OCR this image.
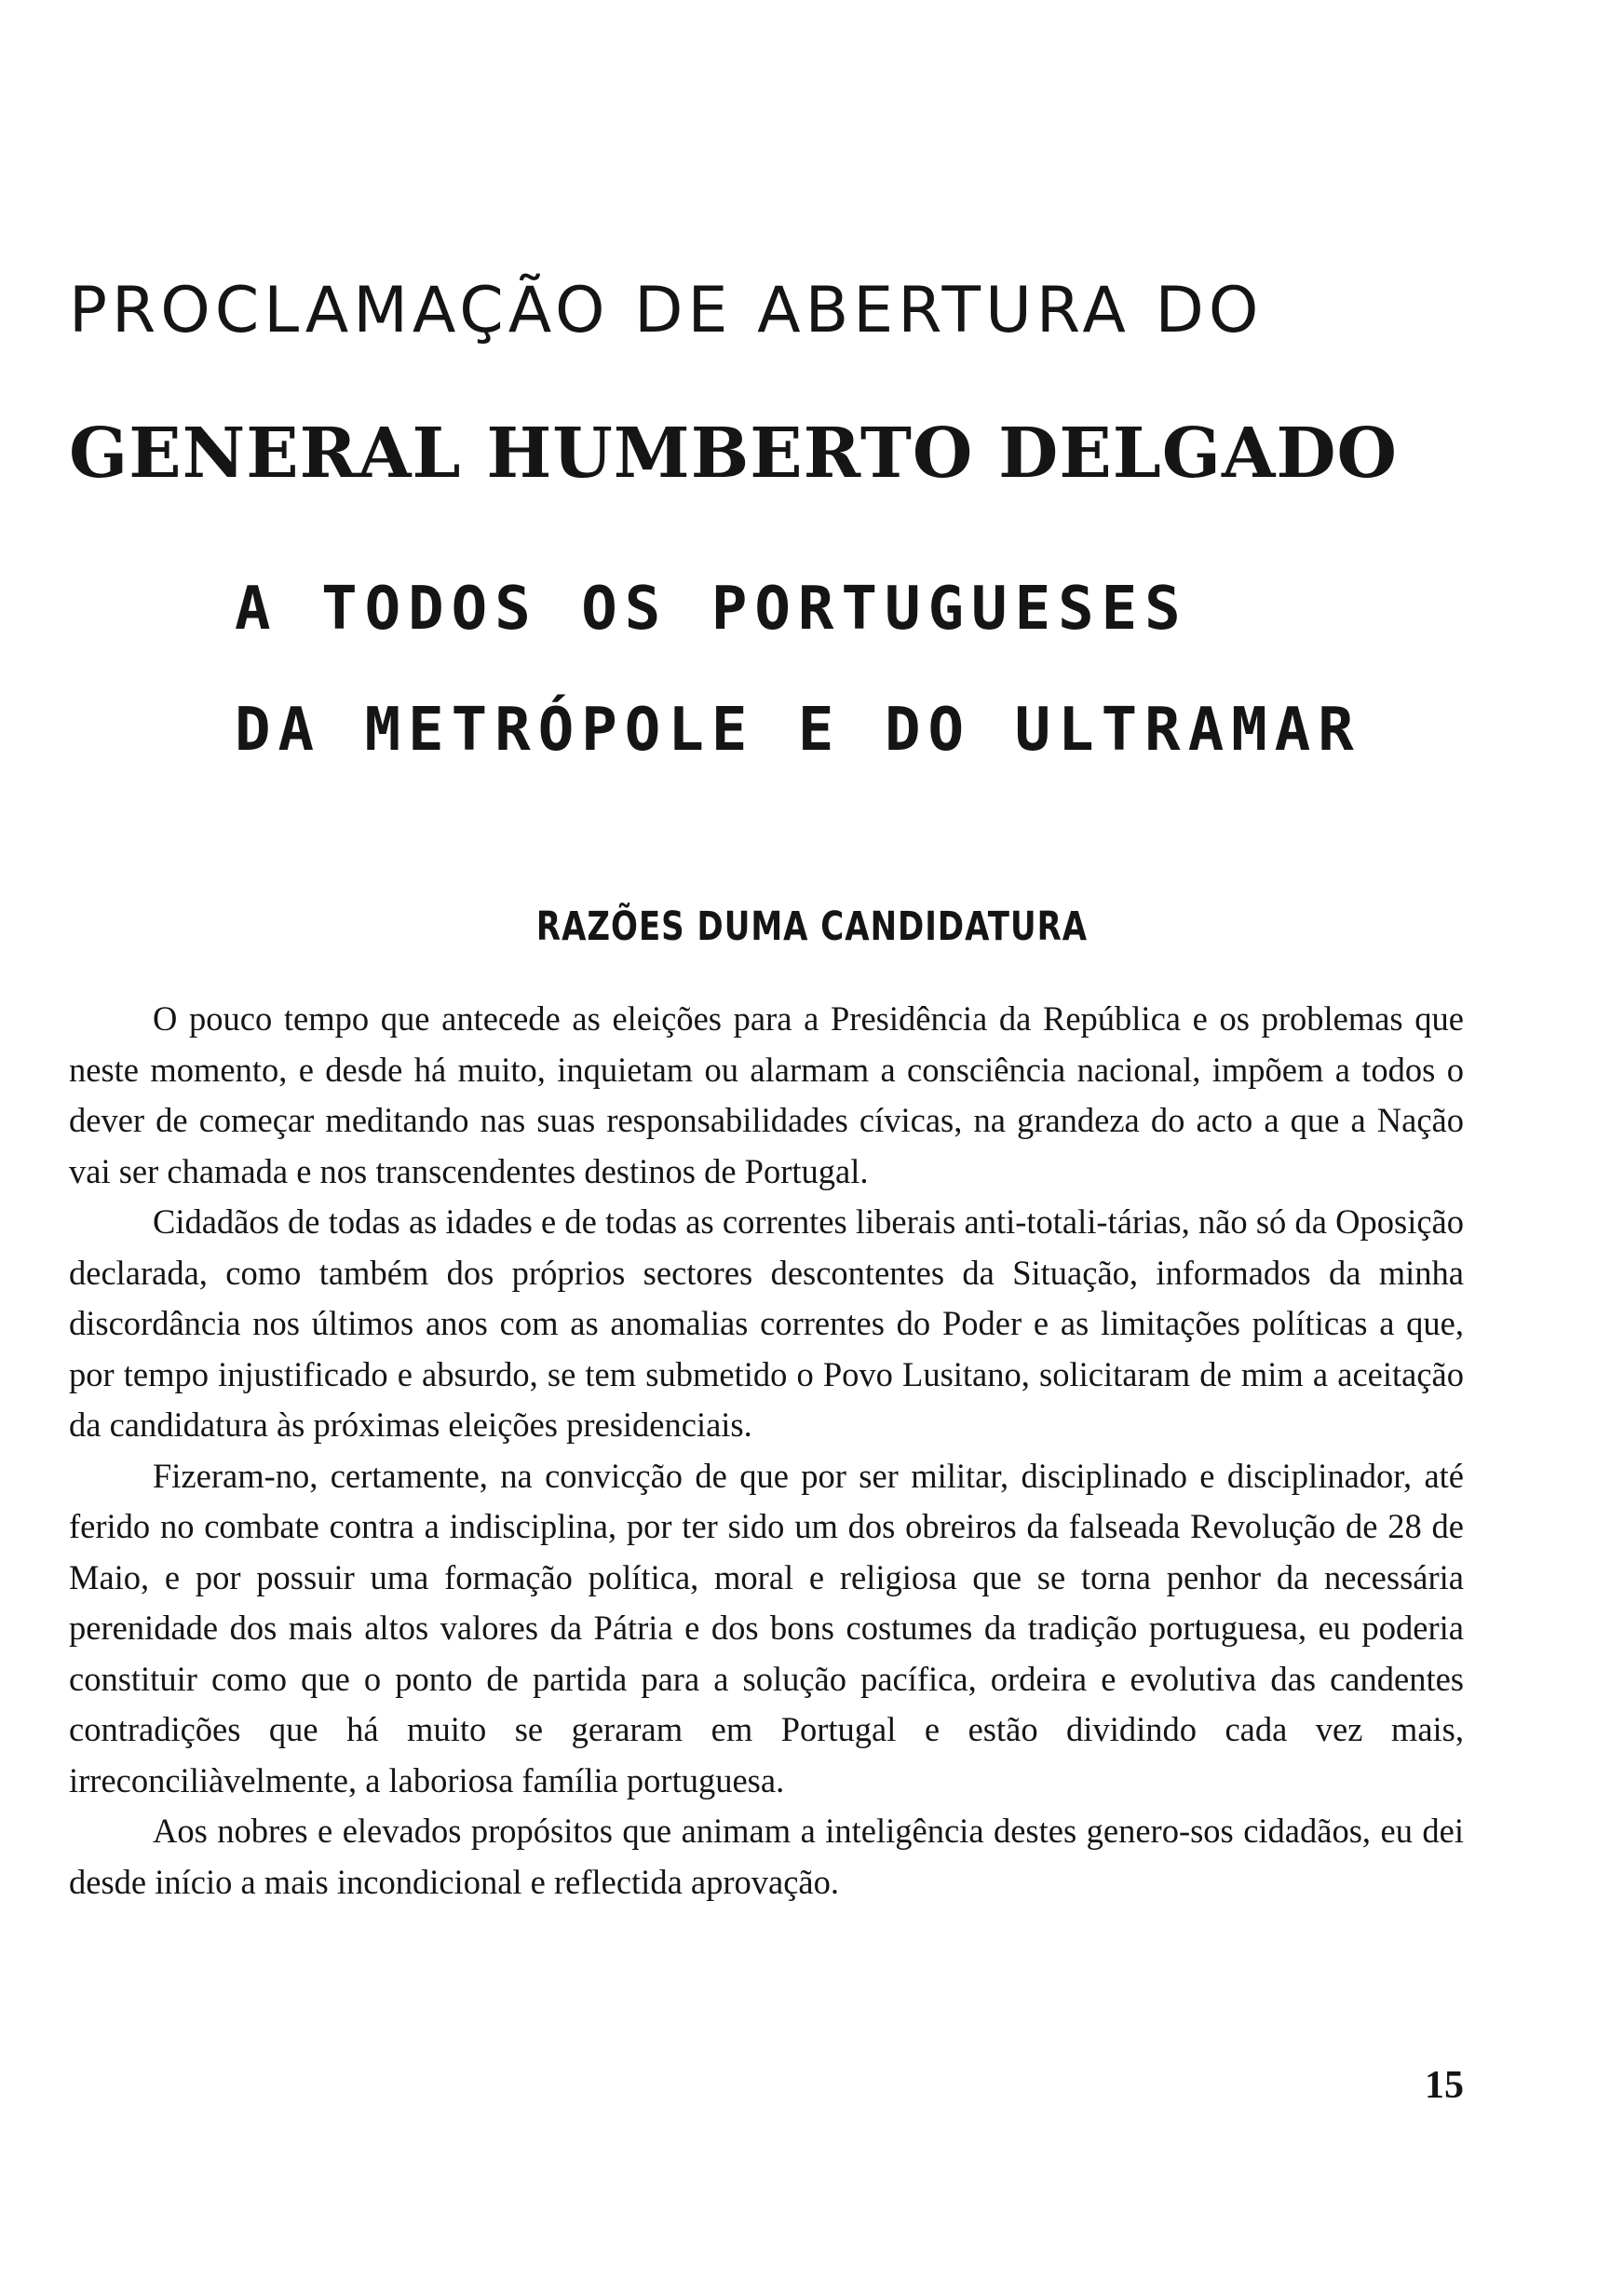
PROCLAMAÇÃO DE ABERTURA DO
GENERAL HUMBERTO DELGADO
A TODOS OS PORTUGUESES
DA METRÓPOLE E DO ULTRAMAR
RAZÕES DUMA CANDIDATURA

O pouco tempo que antecede as eleições para a Presidência da República e os problemas que neste momento, e desde há muito, inquietam ou alarmam a consciência nacional, impõem a todos o dever de começar meditando nas suas responsabilidades cívicas, na grandeza do acto a que a Nação vai ser chamada e nos transcendentes destinos de Portugal.

Cidadãos de todas as idades e de todas as correntes liberais anti-totali-tárias, não só da Oposição declarada, como também dos próprios sectores descontentes da Situação, informados da minha discordância nos últimos anos com as anomalias correntes do Poder e as limitações políticas a que, por tempo injustificado e absurdo, se tem submetido o Povo Lusitano, solicitaram de mim a aceitação da candidatura às próximas eleições presidenciais.

Fizeram-no, certamente, na convicção de que por ser militar, disciplinado e disciplinador, até ferido no combate contra a indisciplina, por ter sido um dos obreiros da falseada Revolução de 28 de Maio, e por possuir uma formação política, moral e religiosa que se torna penhor da necessária perenidade dos mais altos valores da Pátria e dos bons costumes da tradição portuguesa, eu poderia constituir como que o ponto de partida para a solução pacífica, ordeira e evolutiva das candentes contradições que há muito se geraram em Portugal e estão dividindo cada vez mais, irreconciliàvelmente, a laboriosa família portuguesa.

Aos nobres e elevados propósitos que animam a inteligência destes genero-sos cidadãos, eu dei desde início a mais incondicional e reflectida aprovação.

15
